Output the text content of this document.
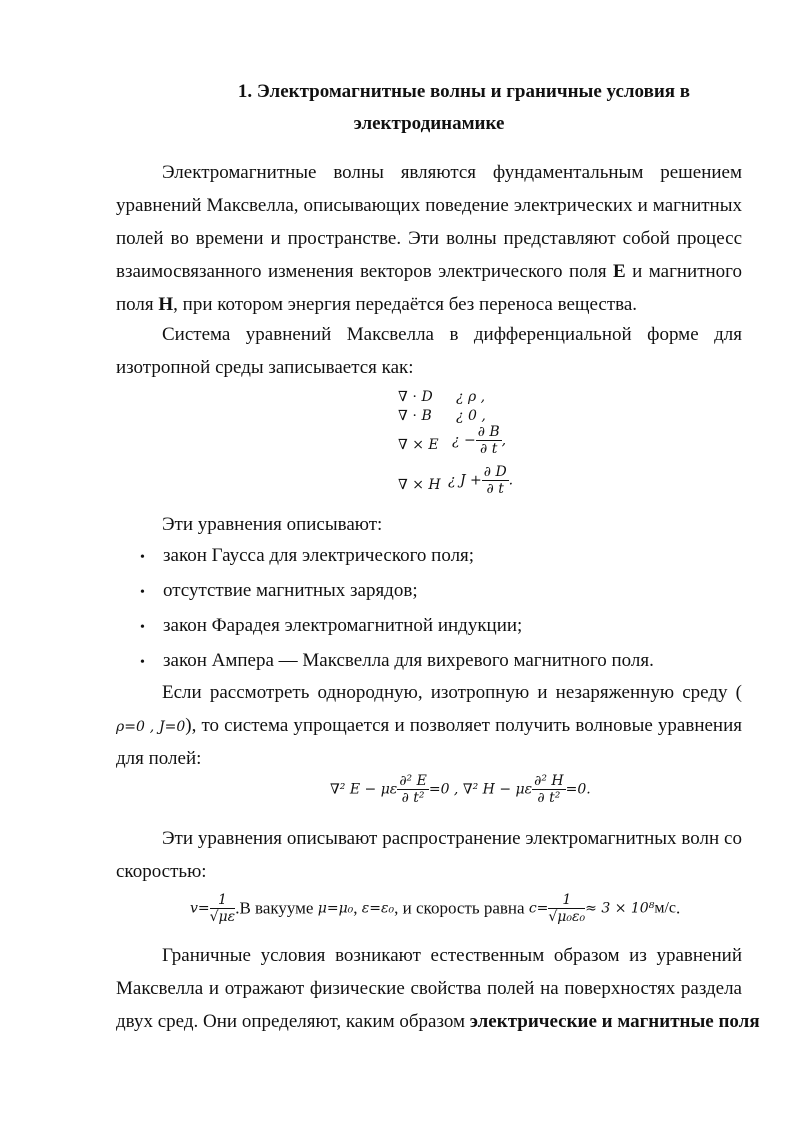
1. Электромагнитные волны и граничные условия в
электродинамике
Электромагнитные волны являются фундаментальным решением
уравнений Максвелла, описывающих поведение электрических и магнитных
полей во времени и пространстве. Эти волны представляют собой процесс
взаимосвязанного изменения векторов электрического поля E и магнитного
поля H, при котором энергия передаётся без переноса вещества.
Система уравнений Максвелла в дифференциальной форме для
изотропной среды записывается как:
∇ ⋅ D ¿ ρ ,
∇ ⋅ B ¿ 0 ,
∇ × E ¿ − $\frac{\partial B}{\partial t}$ ,
∇ × H ¿ $J + \frac{\partial D}{\partial t}$ .
Эти уравнения описывают:
• закон Гаусса для электрического поля;
• отсутствие магнитных зарядов;
• закон Фарадея электромагнитной индукции;
• закон Ампера — Максвелла для вихревого магнитного поля.
Если рассмотреть однородную, изотропную и незаряженную среду (
ρ=0 , J=0), то система упрощается и позволяет получить волновые уравнения
для полей:
∇² E − με $\frac{\text{∂² E}}{\text{∂ t²}} =0$ , ∇² H − με $\frac{\text{∂² H}}{\text{∂ t²}} =0$.
Эти уравнения описывают распространение электромагнитных волн со
скоростью:
$v= \frac{1}{√\mu\varepsilon} .В$ вакууме μ=μ₀, ε=ε₀, и скорость равна $c= \frac{1}{\text{√μ₀ε₀}} \approx 3 \times 10^8м/с$.
Граничные условия возникают естественным образом из уравнений
Максвелла и отражают физические свойства полей на поверхностях раздела
двух сред. Они определяют, каким образом электрические и магнитные поля
